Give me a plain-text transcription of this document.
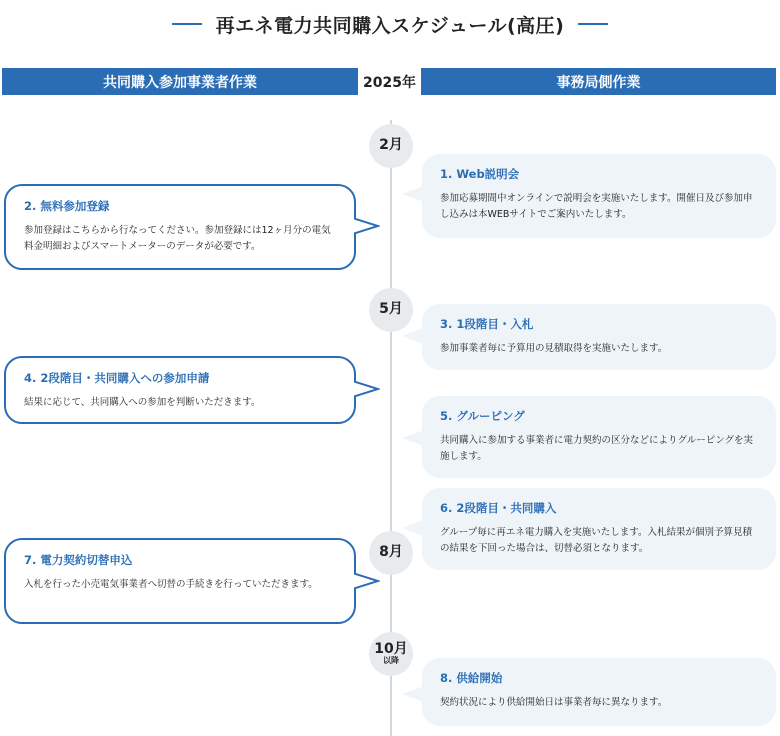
再エネ電力共同購入スケジュール(高圧)
共同購入参加事業者作業	2025年	事務局側作業
2月
5月
8月
10月
以降
2. 無料参加登録
参加登録はこちらから行なってください。参加登録には12ヶ月分の電気料金明細およびスマートメーターのデータが必要です。
4. 2段階目・共同購入への参加申請
結果に応じて、共同購入への参加を判断いただきます。
7. 電力契約切替申込
入札を行った小売電気事業者へ切替の手続きを行っていただきます。
1. Web説明会
参加応募期間中オンラインで説明会を実施いたします。開催日及び参加申し込みは本WEBサイトでご案内いたします。
3. 1段階目・入札
参加事業者毎に予算用の見積取得を実施いたします。
5. グルーピング
共同購入に参加する事業者に電力契約の区分などによりグルーピングを実施します。
6. 2段階目・共同購入
グループ毎に再エネ電力購入を実施いたします。入札結果が個別予算見積の結果を下回った場合は、切替必須となります。
8. 供給開始
契約状況により供給開始日は事業者毎に異なります。
